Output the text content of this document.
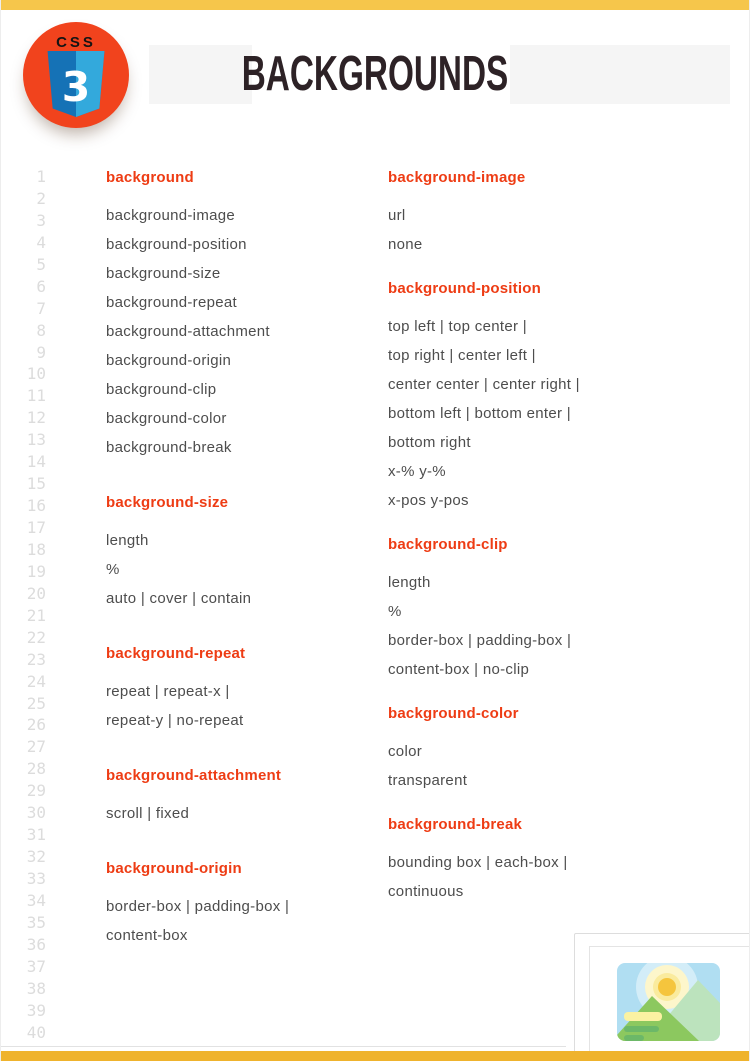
CSS
3	BACKGROUNDS
1
2
3
4
5
6
7
8
9
10
11
12
13
14
15
16
17
18
19
20
21
22
23
24
25
26
27
28
29
30
31
32
33
34
35
36
37
38
39
40
background
background-image
background-position
background-size
background-repeat
background-attachment
background-origin
background-clip
background-color
background-break
background-size
length
%
auto | cover | contain
background-repeat
repeat | repeat-x |
repeat-y | no-repeat
background-attachment
scroll | fixed
background-origin
border-box | padding-box |
content-box
background-image
url
none
background-position
top left | top center |
top right | center left |
center center | center right |
bottom left | bottom enter |
bottom right
x-% y-%
x-pos y-pos
background-clip
length
%
border-box | padding-box |
content-box | no-clip
background-color
color
transparent
background-break
bounding box | each-box |
continuous
